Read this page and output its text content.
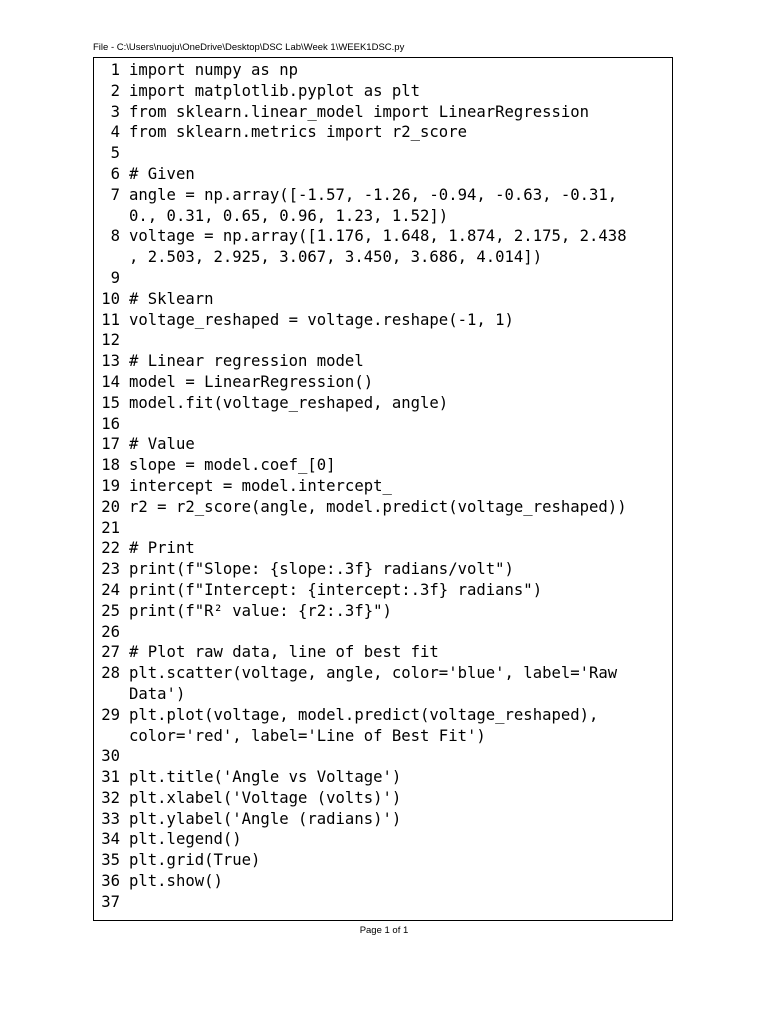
File - C:\Users\nuoju\OneDrive\Desktop\DSC Lab\Week 1\WEEK1DSC.py
1 import numpy as np
2 import matplotlib.pyplot as plt
3 from sklearn.linear_model import LinearRegression
4 from sklearn.metrics import r2_score
5
6 # Given
7 angle = np.array([-1.57, -1.26, -0.94, -0.63, -0.31,
0., 0.31, 0.65, 0.96, 1.23, 1.52])
8 voltage = np.array([1.176, 1.648, 1.874, 2.175, 2.438
, 2.503, 2.925, 3.067, 3.450, 3.686, 4.014])
9
10 # Sklearn
11 voltage_reshaped = voltage.reshape(-1, 1)
12
13 # Linear regression model
14 model = LinearRegression()
15 model.fit(voltage_reshaped, angle)
16
17 # Value
18 slope = model.coef_[0]
19 intercept = model.intercept_
20 r2 = r2_score(angle, model.predict(voltage_reshaped))
21
22 # Print
23 print(f"Slope: {slope:.3f} radians/volt")
24 print(f"Intercept: {intercept:.3f} radians")
25 print(f"R² value: {r2:.3f}")
26
27 # Plot raw data, line of best fit
28 plt.scatter(voltage, angle, color='blue', label='Raw
Data')
29 plt.plot(voltage, model.predict(voltage_reshaped),
color='red', label='Line of Best Fit')
30
31 plt.title('Angle vs Voltage')
32 plt.xlabel('Voltage (volts)')
33 plt.ylabel('Angle (radians)')
34 plt.legend()
35 plt.grid(True)
36 plt.show()
37
Page 1 of 1
